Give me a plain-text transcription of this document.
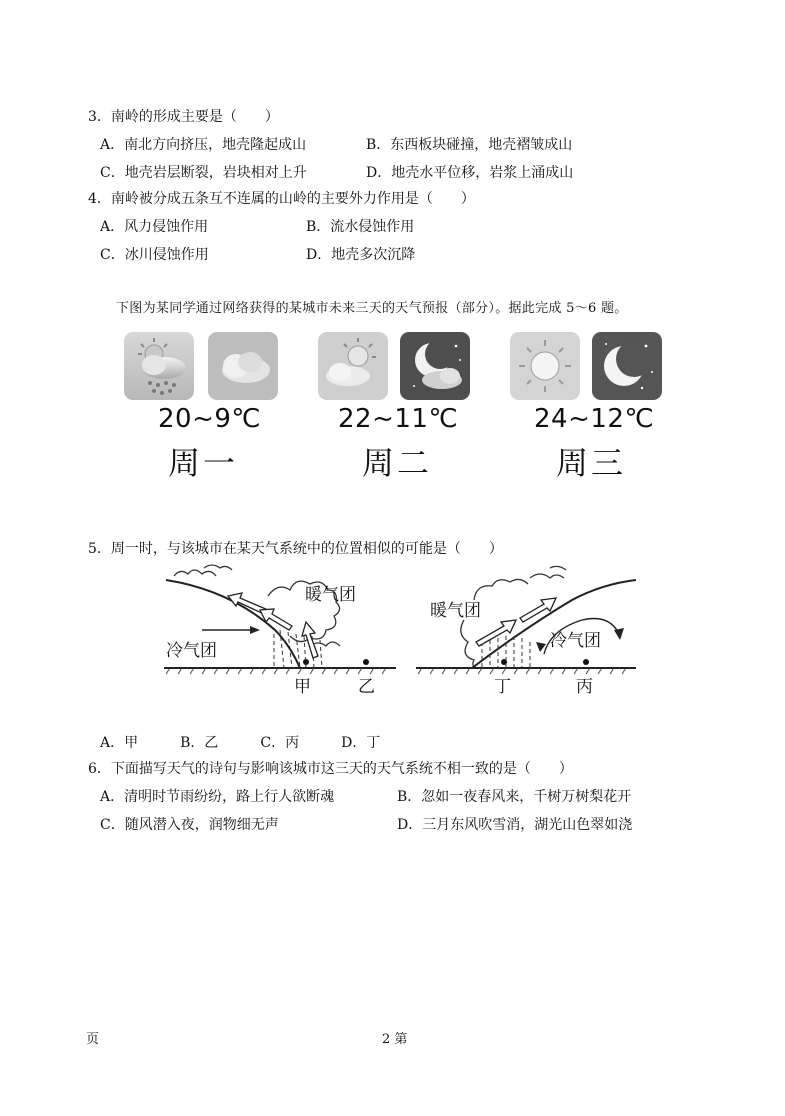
3．南岭的形成主要是（　　）
A．南北方向挤压，地壳隆起成山	B．东西板块碰撞，地壳褶皱成山
C．地壳岩层断裂，岩块相对上升	D．地壳水平位移，岩浆上涌成山
4．南岭被分成五条互不连属的山岭的主要外力作用是（　　）
A．风力侵蚀作用	B．流水侵蚀作用
C．冰川侵蚀作用	D．地壳多次沉降
下图为某同学通过网络获得的某城市未来三天的天气预报（部分）。据此完成 5～6 题。
20~9℃	22~11℃	24~12℃
周一	周二	周三
5．周一时，与该城市在某天气系统中的位置相似的可能是（　　）
暖气团
冷气团
甲	乙
暖气团
冷气团
丁	丙
A．甲　　　B．乙　　　C．丙　　　D．丁
6．下面描写天气的诗句与影响该城市这三天的天气系统不相一致的是（　　）
A．清明时节雨纷纷，路上行人欲断魂	B．忽如一夜春风来，千树万树梨花开
C．随风潜入夜，润物细无声	D．三月东风吹雪消，湖光山色翠如浇
页	2 第
